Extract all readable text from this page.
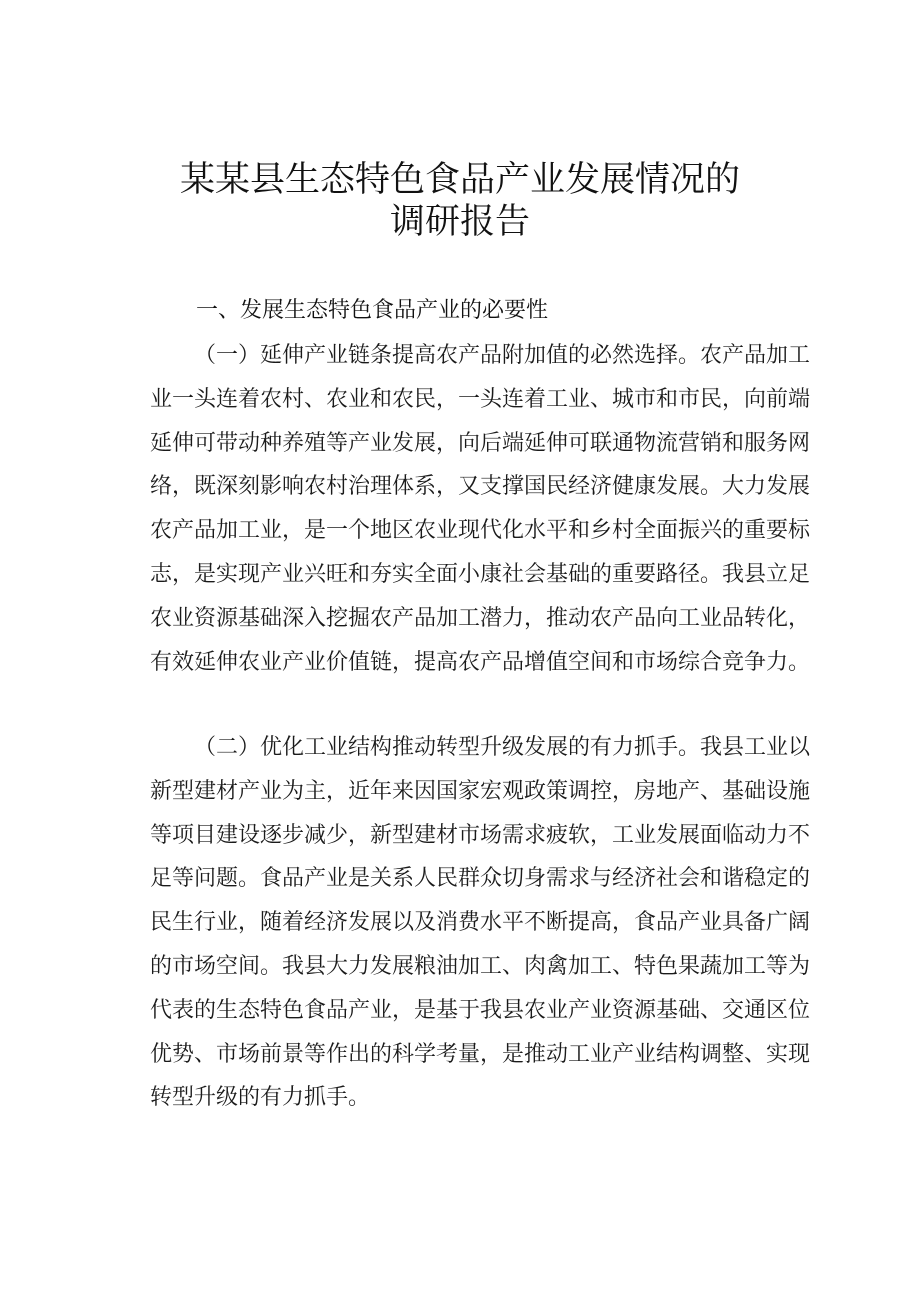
某某县生态特色食品产业发展情况的
调研报告
一、发展生态特色食品产业的必要性

（一）延伸产业链条提高农产品附加值的必然选择。农产品加工业一头连着农村、农业和农民，一头连着工业、城市和市民，向前端延伸可带动种养殖等产业发展，向后端延伸可联通物流营销和服务网络，既深刻影响农村治理体系，又支撑国民经济健康发展。大力发展农产品加工业，是一个地区农业现代化水平和乡村全面振兴的重要标志，是实现产业兴旺和夯实全面小康社会基础的重要路径。我县立足农业资源基础深入挖掘农产品加工潜力，推动农产品向工业品转化，有效延伸农业产业价值链，提高农产品增值空间和市场综合竞争力。

（二）优化工业结构推动转型升级发展的有力抓手。我县工业以新型建材产业为主，近年来因国家宏观政策调控，房地产、基础设施等项目建设逐步减少，新型建材市场需求疲软，工业发展面临动力不足等问题。食品产业是关系人民群众切身需求与经济社会和谐稳定的民生行业，随着经济发展以及消费水平不断提高，食品产业具备广阔的市场空间。我县大力发展粮油加工、肉禽加工、特色果蔬加工等为代表的生态特色食品产业，是基于我县农业产业资源基础、交通区位优势、市场前景等作出的科学考量，是推动工业产业结构调整、实现转型升级的有力抓手。
